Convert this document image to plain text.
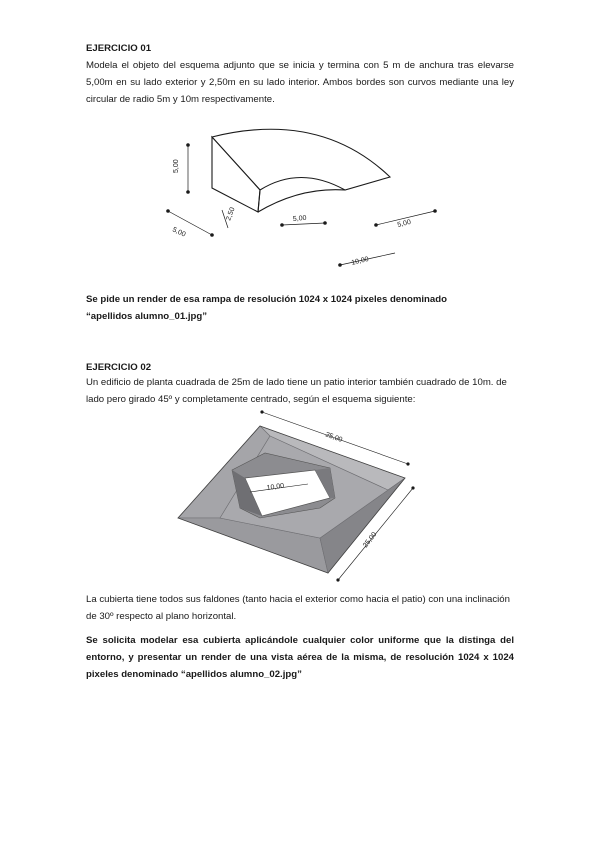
EJERCICIO 01
Modela el objeto del esquema adjunto que se inicia y termina con 5 m de anchura tras elevarse 5,00m en su lado exterior y 2,50m en su lado interior. Ambos bordes son curvos mediante una ley circular de radio 5m y 10m respectivamente.
5,00
5,00
2,50	5,00	5,00
10,00
Se pide un render de esa rampa de resolución 1024 x 1024 pixeles denominado
“apellidos alumno_01.jpg”
EJERCICIO 02
Un edificio de planta cuadrada de 25m de lado tiene un patio interior también cuadrado de 10m. de lado pero girado 45º y completamente centrado, según el esquema siguiente:
25,00
10,00
25,00
La cubierta tiene todos sus faldones (tanto hacia el exterior como hacia el patio) con una inclinación de 30º respecto al plano horizontal.
Se solicita modelar esa cubierta aplicándole cualquier color uniforme que la distinga del entorno, y presentar un render de una vista aérea de la misma, de resolución 1024 x 1024 pixeles denominado “apellidos alumno_02.jpg”
